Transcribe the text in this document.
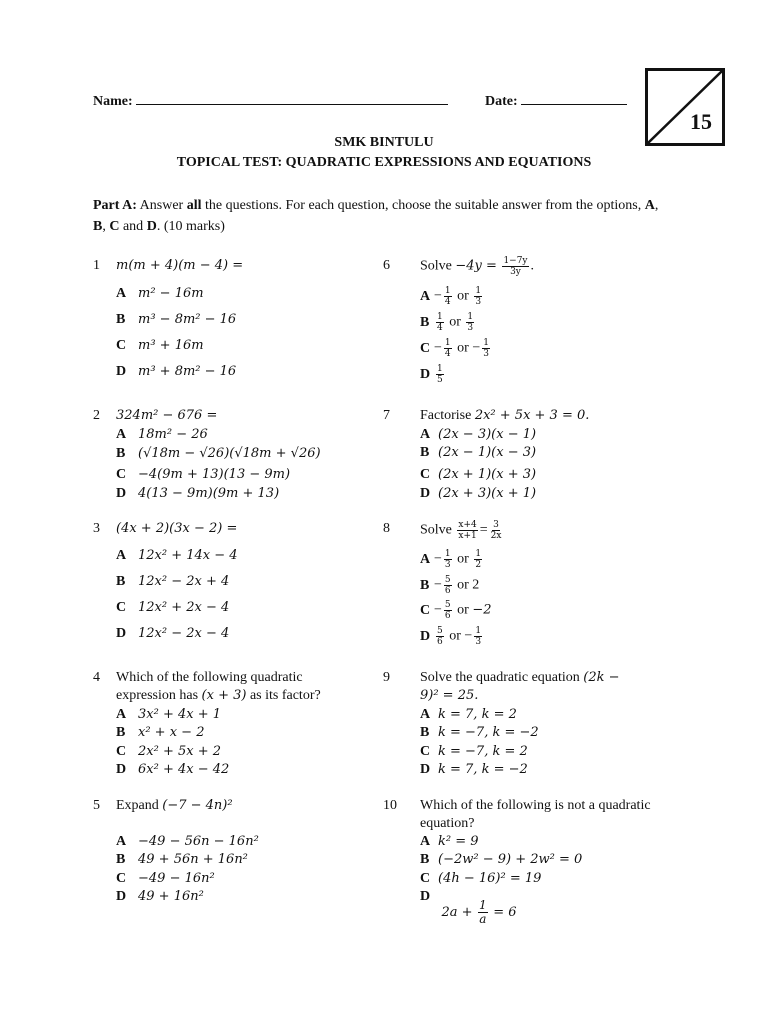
Name:	Date:
15
SMK BINTULU
TOPICAL TEST: QUADRATIC EXPRESSIONS AND EQUATIONS
Part A: Answer all the questions. For each question, choose the suitable answer from the options, A, B, C and D. (10 marks)
1 m(m + 4)(m − 4) =
A m² − 16m
B m³ − 8m² − 16
C m³ + 16m
D m³ + 8m² − 16
2 324m² − 676 =
A 18m² − 26
B (√18m − √26)(√18m + √26)
C −4(9m + 13)(13 − 9m)
D 4(13 − 9m)(9m + 13)
3 (4x + 2)(3x − 2) =
A 12x² + 14x − 4
B 12x² − 2x + 4
C 12x² + 2x − 4
D 12x² − 2x − 4
4 Which of the following quadratic
expression has (x + 3) as its factor?
A 3x² + 4x + 1
B x² + x − 2
C 2x² + 5x + 2
D 6x² + 4x − 42
5 Expand (−7 − 4n)²
A −49 − 56n − 16n²
B 49 + 56n + 16n²
C −49 − 16n²
D 49 + 16n²
6 Solve $-4y = \frac{1-7y}{3y}$ .
$A - \frac{1}{4}$ or $\frac{1}{3}$
B $\frac{1}{4}$ or $\frac{1}{3}$
$C - \frac{1}{4}$ or − $\frac{1}{3}$
D $\frac{1}{5}$
7 Factorise 2x² + 5x + 3 = 0.
A (2x − 3)(x − 1)
B (2x − 1)(x − 3)
C (2x + 1)(x + 3)
D (2x + 3)(x + 1)
8 Solve $\frac{x+4}{x+1} = \frac{3}{2x}$
$A - \frac{1}{3}$ or $\frac{1}{2}$
$B - \frac{5}{6}$ or 2
$C - \frac{5}{6}$ or −2
D $\frac{5}{6}$ or − $\frac{1}{3}$
9 Solve the quadratic equation (2k −
9)² = 25.
A k = 7, k = 2
B k = −7, k = −2
C k = −7, k = 2
D k = 7, k = −2
10 Which of the following is not a quadratic
equation?
A k² = 9
B (−2w² − 9) + 2w² = 0
C (4h − 16)² = 19
D $2a + \frac{1}{a} = 6$
